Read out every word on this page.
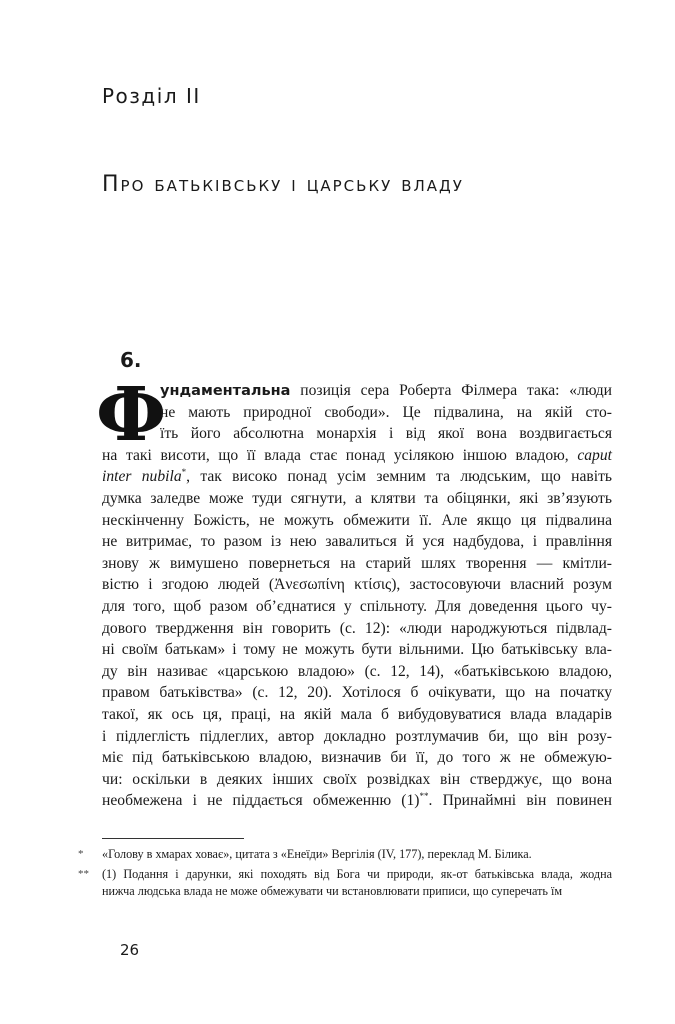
Розділ II
Про батьківську і царську владу
6.
Ф
ундаментальна позиція сера Роберта Філмера така: «люди
не мають природної свободи». Це підвалина, на якій сто-
їть його абсолютна монархія і від якої вона воздвигається
на такі висоти, що її влада стає понад усілякою іншою владою, caput
inter nubila*, так високо понад усім земним та людським, що навіть
думка заледве може туди сягнути, а клятви та обіцянки, які зв’язують
нескінченну Божість, не можуть обмежити її. Але якщо ця підвалина
не витримає, то разом із нею завалиться й уся надбудова, і правління
знову ж вимушено повернеться на старий шлях творення — кмітли-
вістю і згодою людей (Ἀνεσωπίνη κτίσις), застосовуючи власний розум
для того, щоб разом об’єднатися у спільноту. Для доведення цього чу-
дового твердження він говорить (с. 12): «люди народжуються підвлад-
ні своїм батькам» і тому не можуть бути вільними. Цю батьківську вла-
ду він називає «царською владою» (с. 12, 14), «батьківською владою,
правом батьківства» (с. 12, 20). Хотілося б очікувати, що на початку
такої, як ось ця, праці, на якій мала б вибудовуватися влада владарів
і підлеглість підлеглих, автор докладно розтлумачив би, що він розу-
міє під батьківською владою, визначив би її, до того ж не обмежую-
чи: оскільки в деяких інших своїх розвідках він стверджує, що вона
необмежена і не піддається обмеженню (1)**. Принаймні він повинен
* «Голову в хмарах ховає», цитата з «Енеїди» Вергілія (IV, 177), переклад М. Білика.
** (1) Подання і дарунки, які походять від Бога чи природи, як-от батьківська влада, жодна
нижча людська влада не може обмежувати чи встановлювати приписи, що суперечать їм
26
